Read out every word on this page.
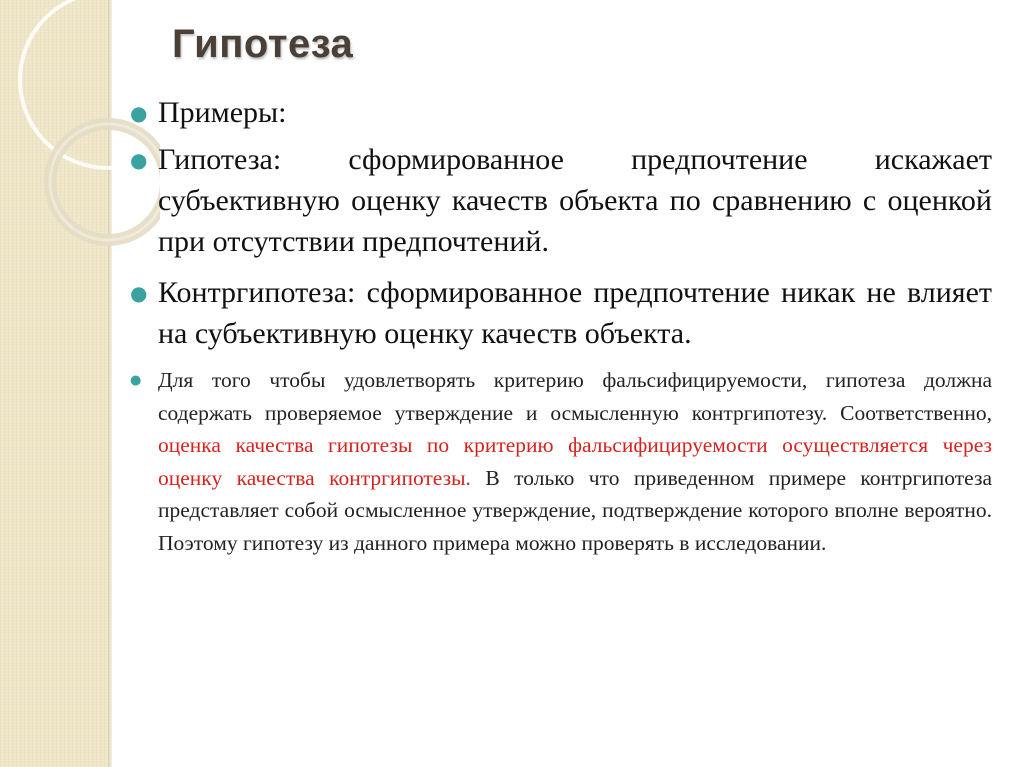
Гипотеза
● Примеры:
● Гипотеза: сформированное предпочтение искажает субъективную оценку качеств объекта по сравнению с оценкой при отсутствии предпочтений.
● Контргипотеза: сформированное предпочтение никак не влияет на субъективную оценку качеств объекта.
● Для того чтобы удовлетворять критерию фальсифицируемости, гипотеза должна содержать проверяемое утверждение и осмысленную контргипотезу. Соответственно, оценка качества гипотезы по критерию фальсифицируемости осуществляется через оценку качества контргипотезы. В только что приведенном примере контргипотеза представляет собой осмысленное утверждение, подтверждение которого вполне вероятно. Поэтому гипотезу из данного примера можно проверять в исследовании.
